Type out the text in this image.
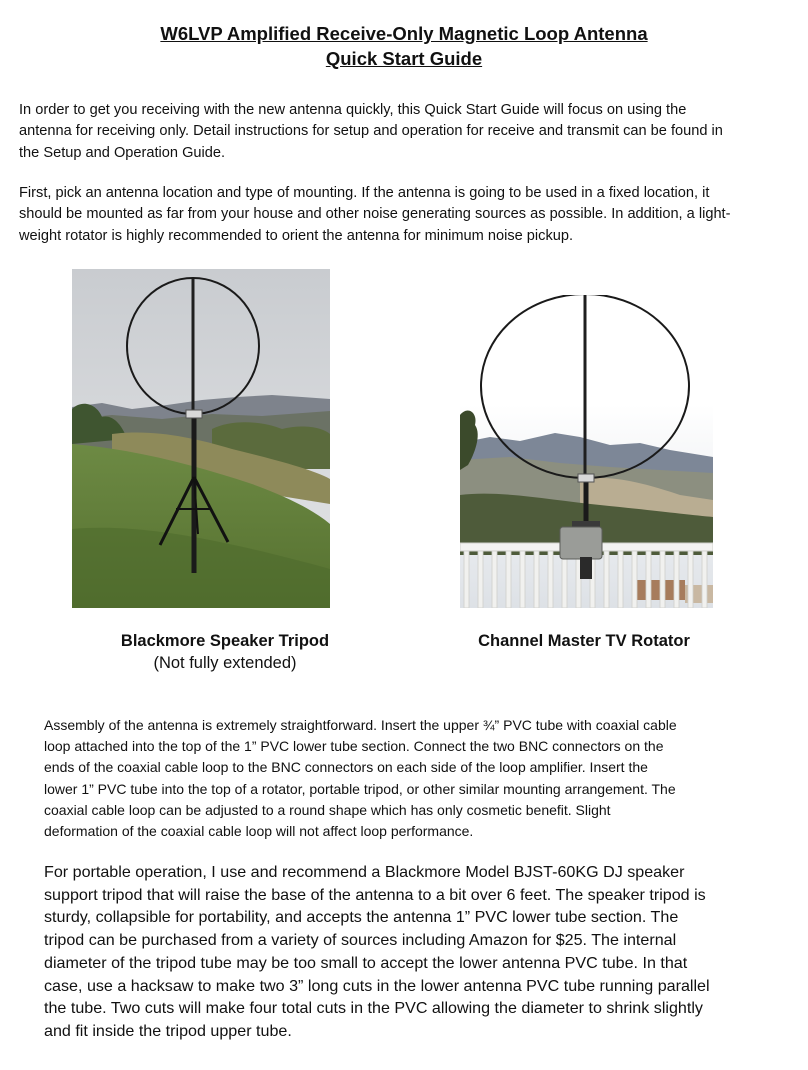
W6LVP Amplified Receive-Only Magnetic Loop Antenna
Quick Start Guide
In order to get you receiving with the new antenna quickly, this Quick Start Guide will focus on using the
antenna for receiving only. Detail instructions for setup and operation for receive and transmit can be found in
the Setup and Operation Guide.
First, pick an antenna location and type of mounting. If the antenna is going to be used in a fixed location, it
should be mounted as far from your house and other noise generating sources as possible. In addition, a light-
weight rotator is highly recommended to orient the antenna for minimum noise pickup.
Blackmore Speaker Tripod
(Not fully extended)
Channel Master TV Rotator
Assembly of the antenna is extremely straightforward. Insert the upper ¾” PVC tube with coaxial cable
loop attached into the top of the 1” PVC lower tube section. Connect the two BNC connectors on the
ends of the coaxial cable loop to the BNC connectors on each side of the loop amplifier. Insert the
lower 1” PVC tube into the top of a rotator, portable tripod, or other similar mounting arrangement. The
coaxial cable loop can be adjusted to a round shape which has only cosmetic benefit. Slight
deformation of the coaxial cable loop will not affect loop performance.
For portable operation, I use and recommend a Blackmore Model BJST-60KG DJ speaker
support tripod that will raise the base of the antenna to a bit over 6 feet. The speaker tripod is
sturdy, collapsible for portability, and accepts the antenna 1” PVC lower tube section. The
tripod can be purchased from a variety of sources including Amazon for $25. The internal
diameter of the tripod tube may be too small to accept the lower antenna PVC tube. In that
case, use a hacksaw to make two 3” long cuts in the lower antenna PVC tube running parallel
the tube. Two cuts will make four total cuts in the PVC allowing the diameter to shrink slightly
and fit inside the tripod upper tube.
